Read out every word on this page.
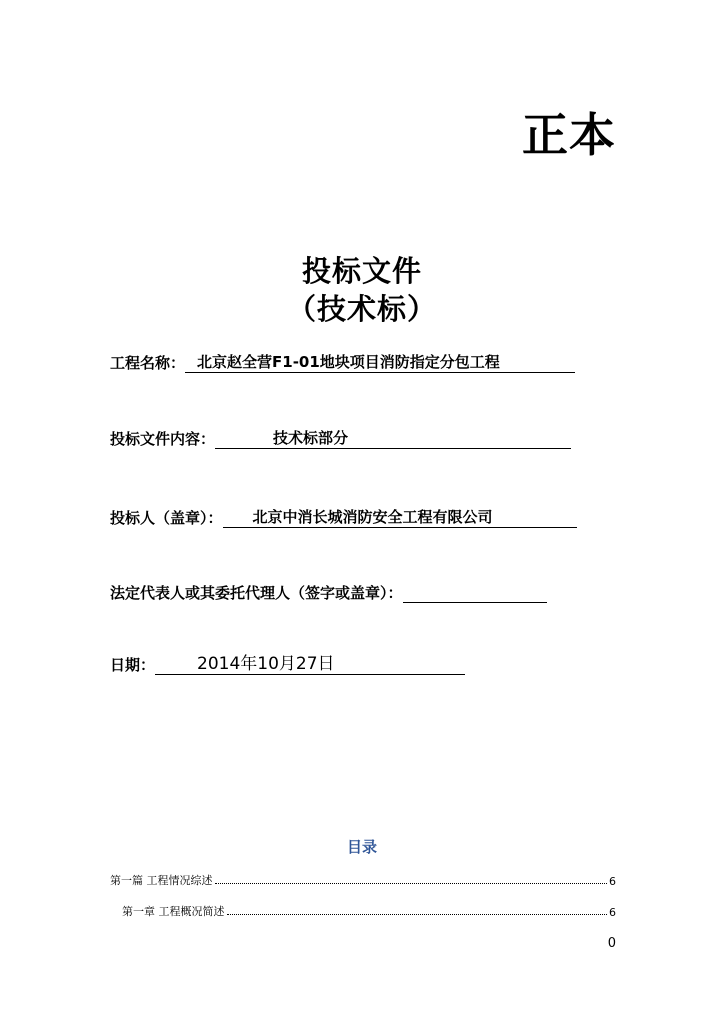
正本
投标文件
（技术标）
工程名称： 北京赵全营F1-01地块项目消防指定分包工程
投标文件内容：	技术标部分
投标人（盖章）：	北京中消长城消防安全工程有限公司
法定代表人或其委托代理人（签字或盖章）：
日期：	2014年10月27日
目录
第一篇 工程情况综述	6
第一章 工程概况简述	6
0
